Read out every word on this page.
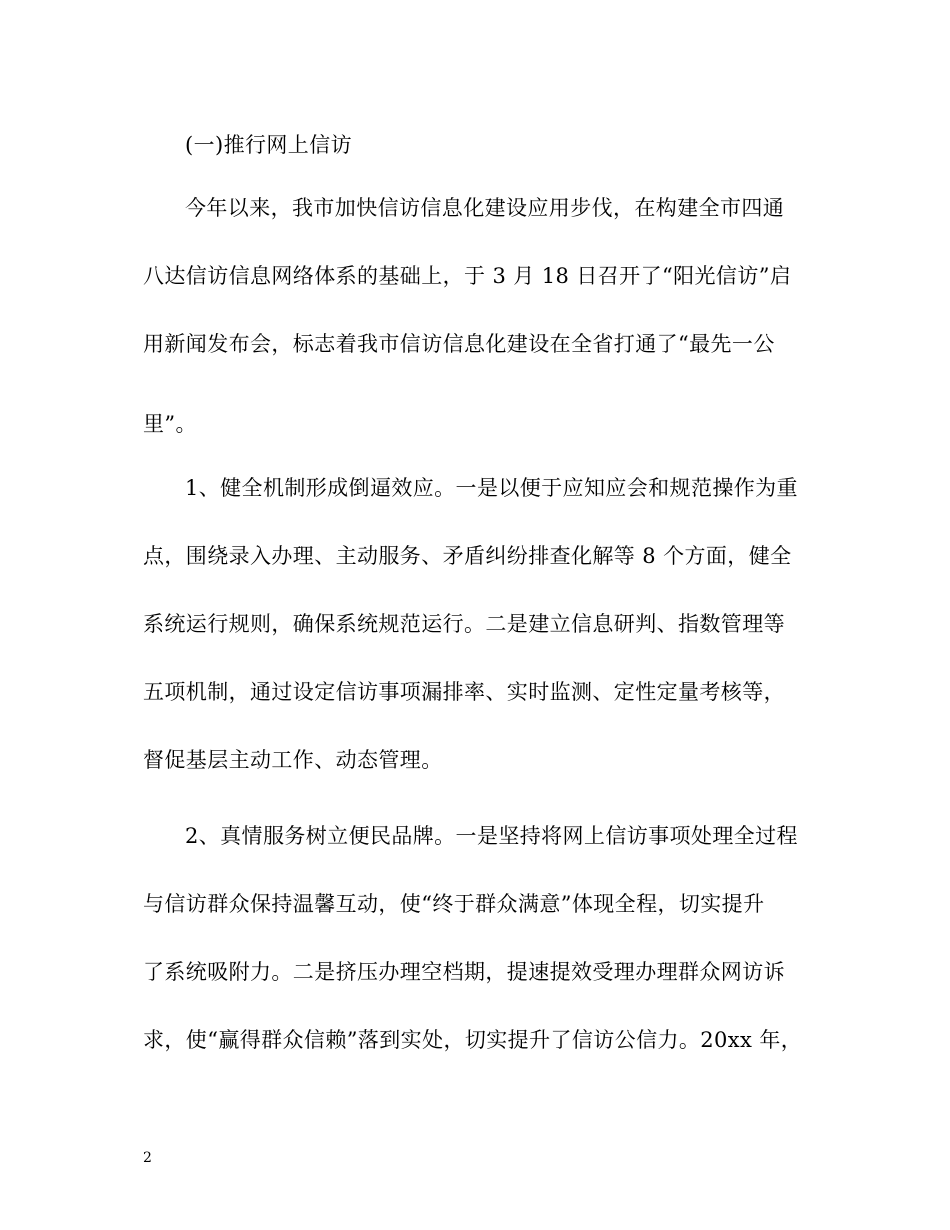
(一)推行网上信访
今年以来，我市加快信访信息化建设应用步伐，在构建全市四通
八达信访信息网络体系的基础上，于 3 月 18 日召开了“阳光信访”启
用新闻发布会，标志着我市信访信息化建设在全省打通了“最先一公
里”。
1、健全机制形成倒逼效应。一是以便于应知应会和规范操作为重
点，围绕录入办理、主动服务、矛盾纠纷排查化解等 8 个方面，健全
系统运行规则，确保系统规范运行。二是建立信息研判、指数管理等
五项机制，通过设定信访事项漏排率、实时监测、定性定量考核等，
督促基层主动工作、动态管理。
2、真情服务树立便民品牌。一是坚持将网上信访事项处理全过程
与信访群众保持温馨互动，使“终于群众满意”体现全程，切实提升
了系统吸附力。二是挤压办理空档期，提速提效受理办理群众网访诉
求，使“赢得群众信赖”落到实处，切实提升了信访公信力。20xx 年，
2
